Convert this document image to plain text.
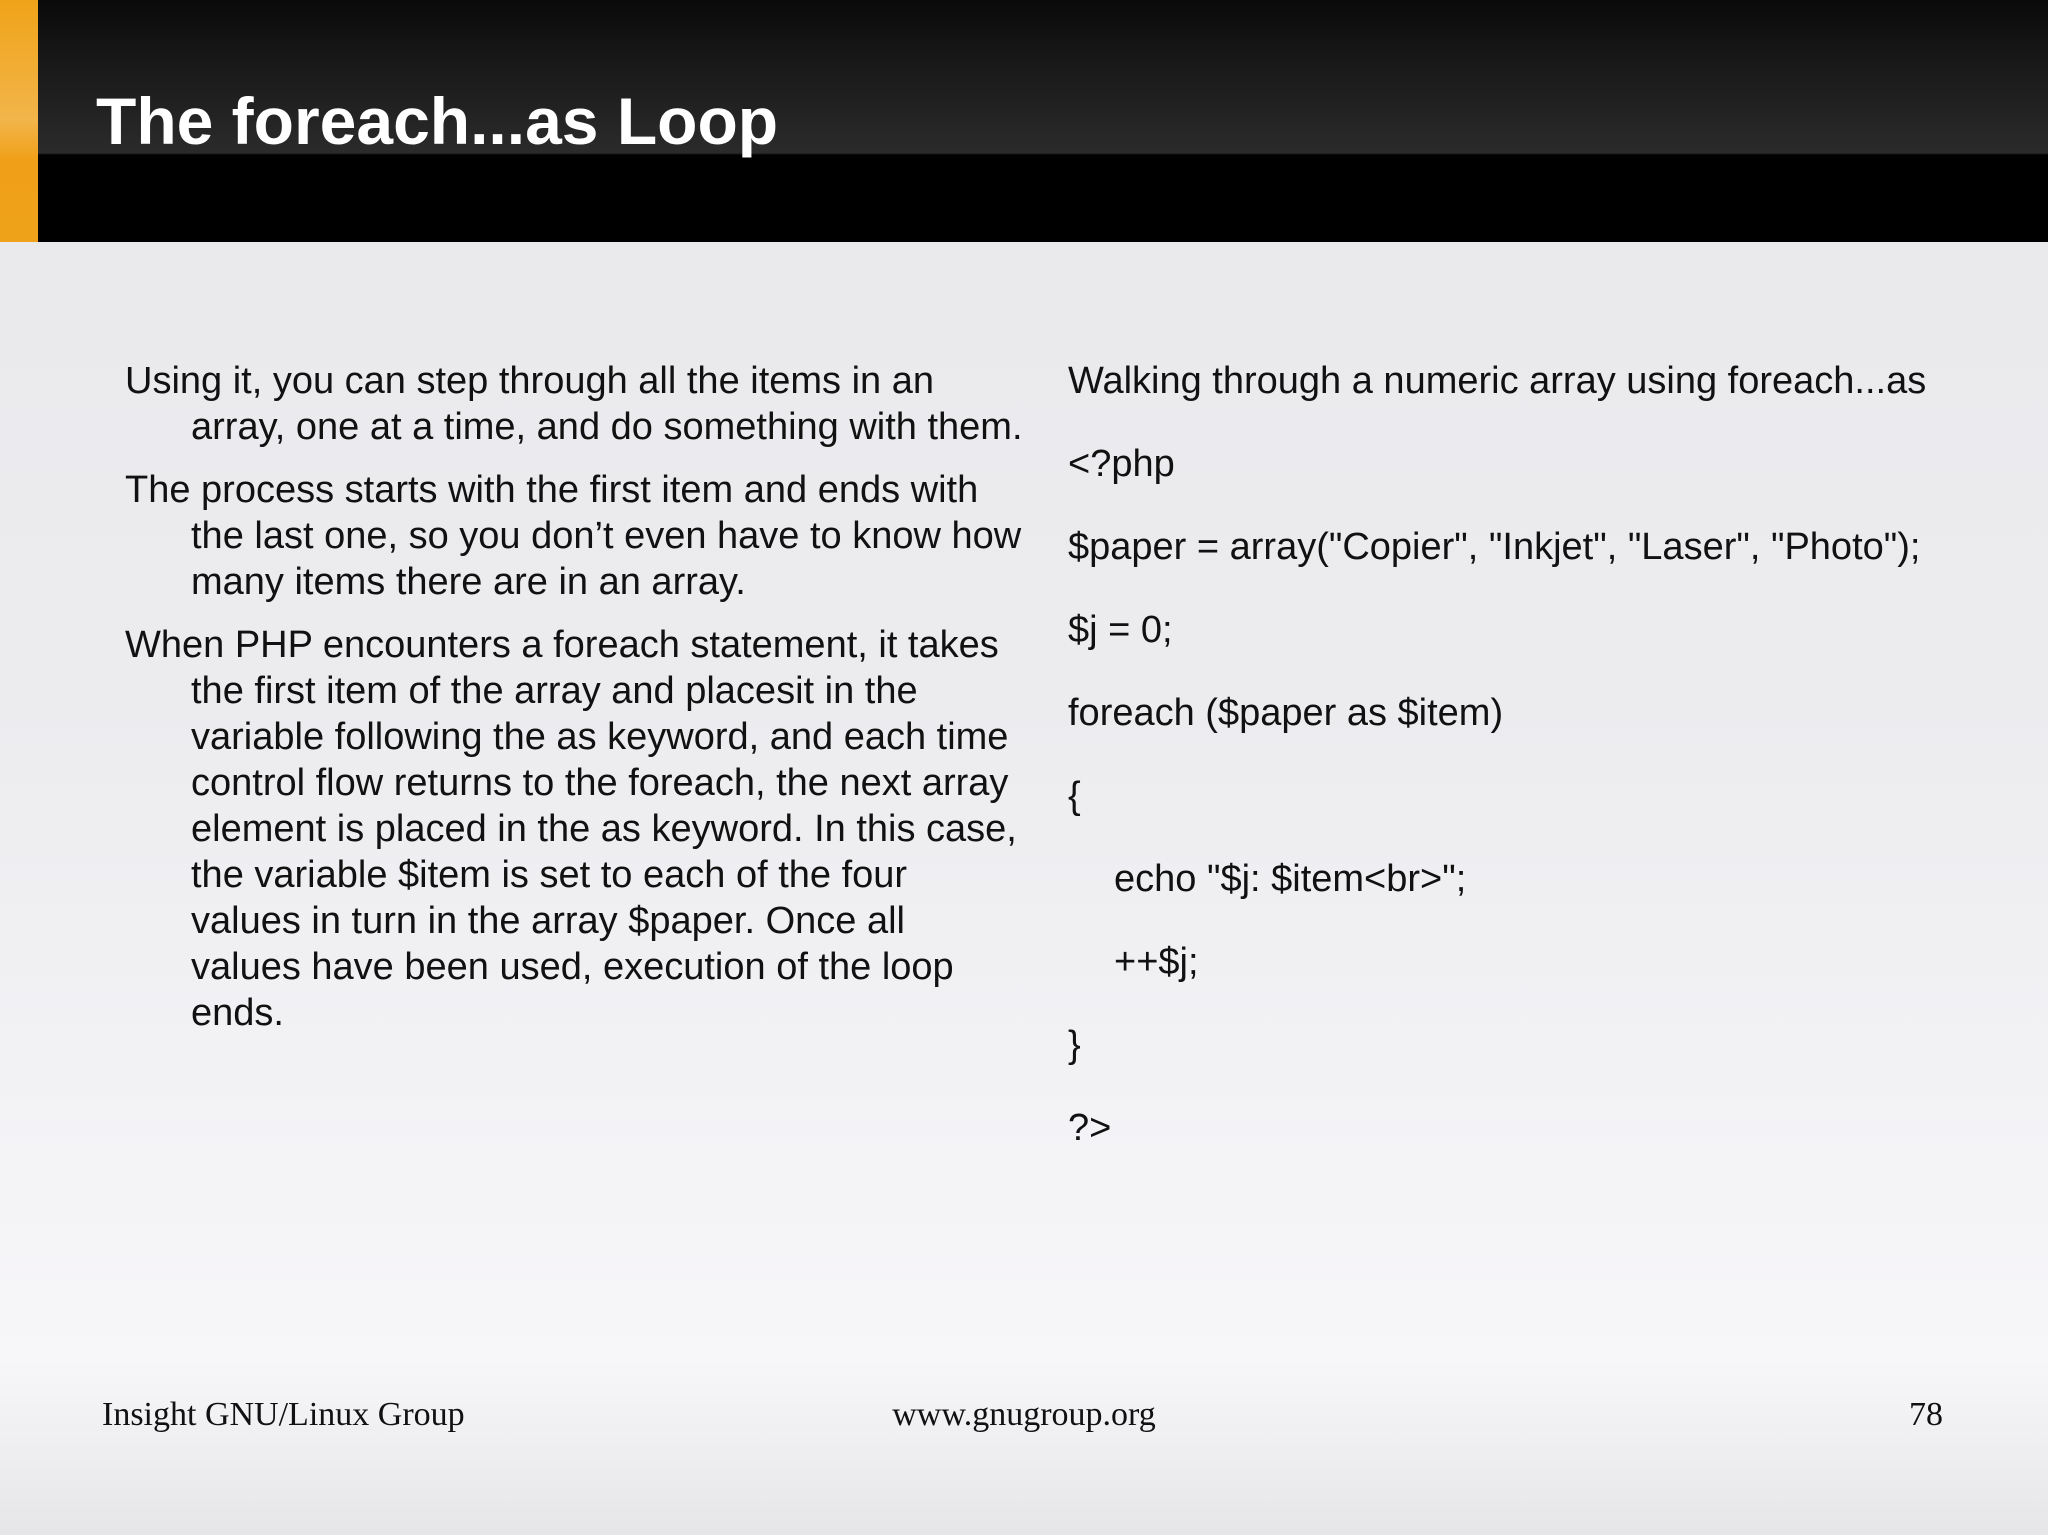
The foreach...as Loop

Using it, you can step through all the items in an array, one at a time, and do something with them.

The process starts with the first item and ends with the last one, so you don’t even have to know how many items there are in an array.

When PHP encounters a foreach statement, it takes the first item of the array and placesit in the variable following the as keyword, and each time control flow returns to the foreach, the next array element is placed in the as keyword. In this case, the variable $item is set to each of the four values in turn in the array $paper. Once all values have been used, execution of the loop ends.

Walking through a numeric array using foreach...as

<?php

$paper = array("Copier", "Inkjet", "Laser", "Photo");

$j = 0;

foreach ($paper as $item)

{

echo "$j: $item<br>";

++$j;

}

?>

www.gnugroup.org
Insight GNU/Linux Group	78
